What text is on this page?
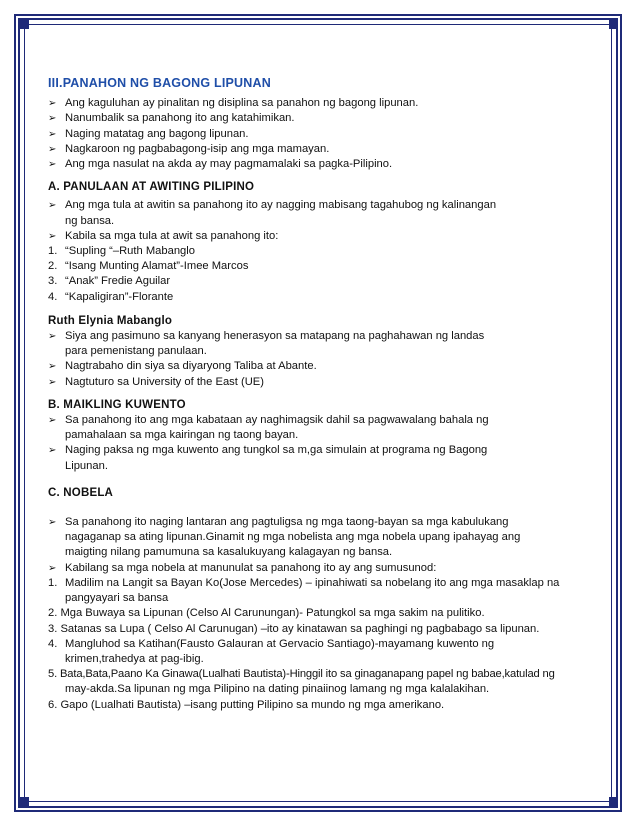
III.PANAHON NG BAGONG LIPUNAN
➢ Ang kaguluhan ay pinalitan ng disiplina sa panahon ng bagong lipunan.
➢ Nanumbalik sa panahong ito ang katahimikan.
➢ Naging matatag ang bagong lipunan.
➢ Nagkaroon ng pagbabagong-isip ang mga mamayan.
➢ Ang mga nasulat na akda ay may pagmamalaki sa pagka-Pilipino.
A. PANULAAN AT AWITING PILIPINO
➢ Ang mga tula at awitin sa panahong ito ay nagging mabisang tagahubog ng kalinangan
ng bansa.
➢ Kabila sa mga tula at awit sa panahong ito:
1. “Supling “–Ruth Mabanglo
2. “Isang Munting Alamat”-Imee Marcos
3. “Anak” Fredie Aguilar
4. “Kapaligiran”-Florante
Ruth Elynia Mabanglo
➢ Siya ang pasimuno sa kanyang henerasyon sa matapang na paghahawan ng landas
para pemenistang panulaan.
➢ Nagtrabaho din siya sa diyaryong Taliba at Abante.
➢ Nagtuturo sa University of the East (UE)
B. MAIKLING KUWENTO
➢ Sa panahong ito ang mga kabataan ay naghimagsik dahil sa pagwawalang bahala ng
pamahalaan sa mga kairingan ng taong bayan.
➢ Naging paksa ng mga kuwento ang tungkol sa m,ga simulain at programa ng Bagong
Lipunan.
C. NOBELA
➢ Sa panahong ito naging lantaran ang pagtuligsa ng mga taong-bayan sa mga kabulukang
nagaganap sa ating lipunan.Ginamit ng mga nobelista ang mga nobela upang ipahayag ang
maigting nilang pamumuna sa kasalukuyang kalagayan ng bansa.
➢ Kabilang sa mga nobela at manunulat sa panahong ito ay ang sumusunod:
1. Madilim na Langit sa Bayan Ko(Jose Mercedes) – ipinahiwati sa nobelang ito ang mga masaklap na
pangyayari sa bansa
2. Mga Buwaya sa Lipunan (Celso Al Carunungan)- Patungkol sa mga sakim na pulitiko.
3. Satanas sa Lupa ( Celso Al Carunugan) –ito ay kinatawan sa paghingi ng pagbabago sa lipunan.
4. Mangluhod sa Katihan(Fausto Galauran at Gervacio Santiago)-mayamang kuwento ng
krimen,trahedya at pag-ibig.
5. Bata,Bata,Paano Ka Ginawa(Lualhati Bautista)-Hinggil ito sa ginaganapang papel ng babae,katulad ng
may-akda.Sa lipunan ng mga Pilipino na dating pinaiinog lamang ng mga kalalakihan.
6. Gapo (Lualhati Bautista) –isang putting Pilipino sa mundo ng mga amerikano.
